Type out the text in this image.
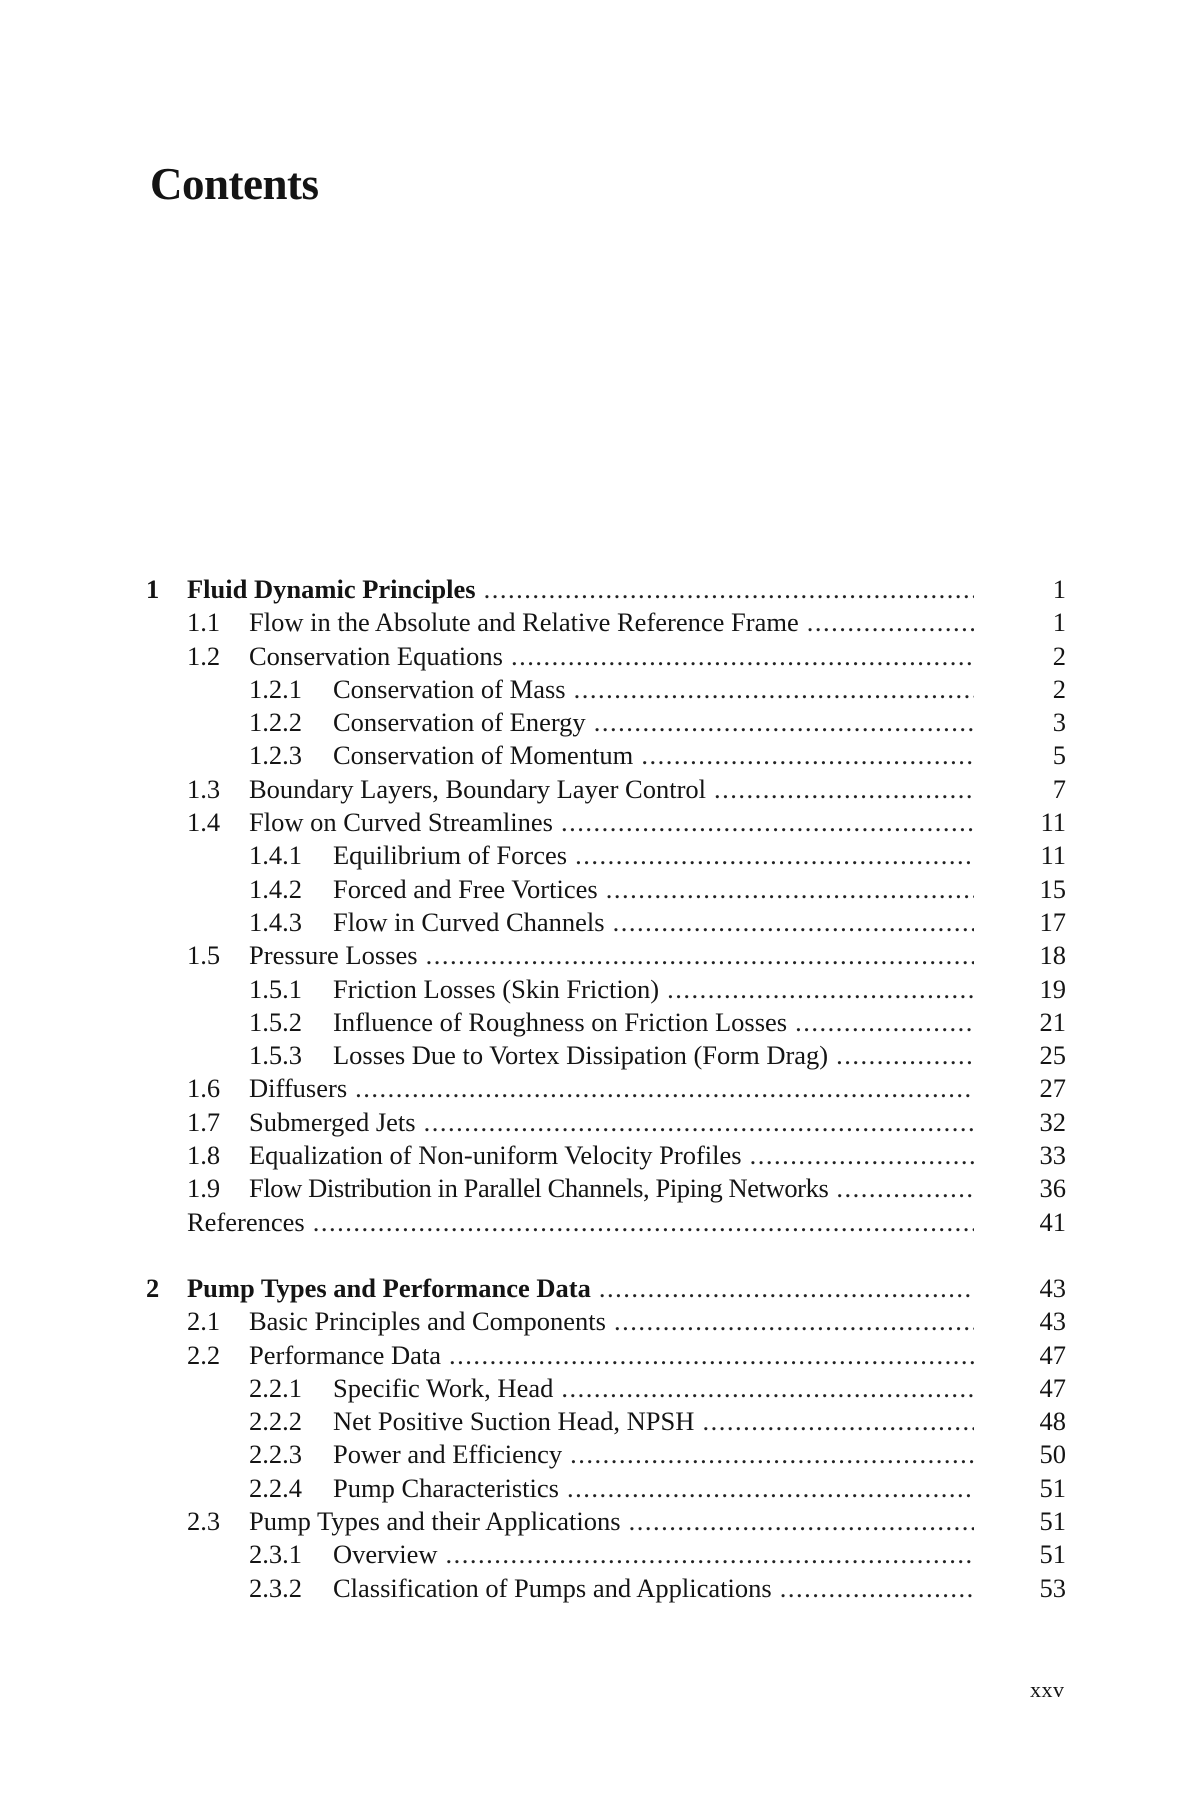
Contents
1	Fluid Dynamic Principles .....	1
1.1	Flow in the Absolute and Relative Reference Frame .....	1
1.2	Conservation Equations .....	2
1.2.1	Conservation of Mass .....	2
1.2.2	Conservation of Energy .....	3
1.2.3	Conservation of Momentum .....	5
1.3	Boundary Layers, Boundary Layer Control .....	7
1.4	Flow on Curved Streamlines .....	11
1.4.1	Equilibrium of Forces .....	11
1.4.2	Forced and Free Vortices .....	15
1.4.3	Flow in Curved Channels .....	17
1.5	Pressure Losses .....	18
1.5.1	Friction Losses (Skin Friction) .....	19
1.5.2	Influence of Roughness on Friction Losses .....	21
1.5.3	Losses Due to Vortex Dissipation (Form Drag) .....	25
1.6	Diffusers .....	27
1.7	Submerged Jets .....	32
1.8	Equalization of Non-uniform Velocity Profiles .....	33
1.9	Flow Distribution in Parallel Channels, Piping Networks .....	36
References .....	41
2	Pump Types and Performance Data .....	43
2.1	Basic Principles and Components .....	43
2.2	Performance Data .....	47
2.2.1	Specific Work, Head .....	47
2.2.2	Net Positive Suction Head, NPSH .....	48
2.2.3	Power and Efficiency .....	50
2.2.4	Pump Characteristics .....	51
2.3	Pump Types and their Applications .....	51
2.3.1	Overview .....	51
2.3.2	Classification of Pumps and Applications .....	53
xxv
